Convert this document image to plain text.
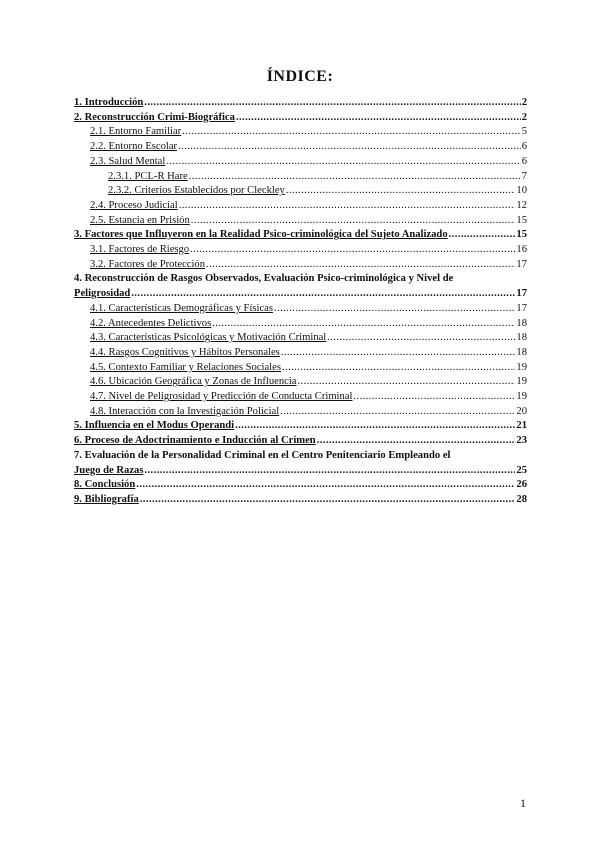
ÍNDICE:
1. Introducción .....	2
2. Reconstrucción Crimi-Biográfica .....	2
2.1. Entorno Familiar .....	5
2.2. Entorno Escolar .....	6
2.3. Salud Mental .....	6
2.3.1. PCL-R Hare .....	7
2.3.2. Criterios Establecidos por Cleckley .....	10
2.4. Proceso Judicial .....	12
2.5. Estancia en Prisión .....	15
3. Factores que Influyeron en la Realidad Psico-criminológica del Sujeto Analizado .....	15
3.1. Factores de Riesgo .....	16
3.2. Factores de Protección .....	17
4. Reconstrucción de Rasgos Observados, Evaluación Psico-criminológica y Nivel de
Peligrosidad .....	17
4.1. Características Demográficas y Físicas .....	17
4.2. Antecedentes Delictivos .....	18
4.3. Características Psicológicas y Motivación Criminal .....	18
4.4. Rasgos Cognitivos y Hábitos Personales .....	18
4.5. Contexto Familiar y Relaciones Sociales .....	19
4.6. Ubicación Geográfica y Zonas de Influencia .....	19
4.7. Nivel de Peligrosidad y Predicción de Conducta Criminal .....	19
4.8. Interacción con la Investigación Policial .....	20
5. Influencia en el Modus Operandi .....	21
6. Proceso de Adoctrinamiento e Inducción al Crimen .....	23
7. Evaluación de la Personalidad Criminal en el Centro Penitenciario Empleando el
Juego de Razas .....	25
8. Conclusión .....	26
9. Bibliografía .....	28
1
